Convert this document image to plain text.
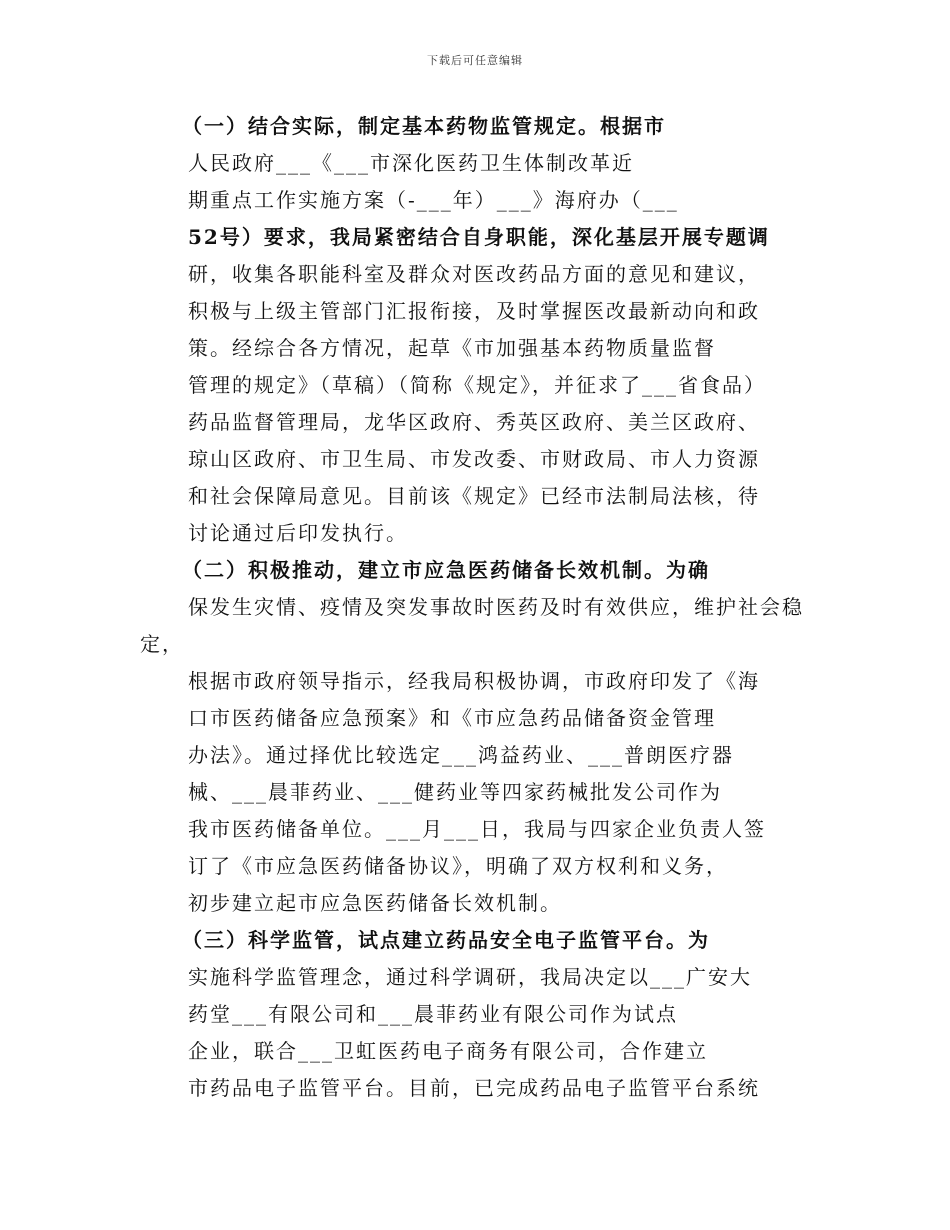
下载后可任意编辑
（一）结合实际，制定基本药物监管规定。根据市
人民政府___《___市深化医药卫生体制改革近
期重点工作实施方案（-___年）___》海府办（___
52号）要求，我局紧密结合自身职能，深化基层开展专题调
研，收集各职能科室及群众对医改药品方面的意见和建议，
积极与上级主管部门汇报衔接，及时掌握医改最新动向和政
策。经综合各方情况，起草《市加强基本药物质量监督
管理的规定》（草稿）（简称《规定》，并征求了___省食品）
药品监督管理局，龙华区政府、秀英区政府、美兰区政府、
琼山区政府、市卫生局、市发改委、市财政局、市人力资源
和社会保障局意见。目前该《规定》已经市法制局法核，待
讨论通过后印发执行。
（二）积极推动，建立市应急医药储备长效机制。为确
保发生灾情、疫情及突发事故时医药及时有效供应，维护社会稳
定，
根据市政府领导指示，经我局积极协调，市政府印发了《海
口市医药储备应急预案》和《市应急药品储备资金管理
办法》。通过择优比较选定___鸿益药业、___普朗医疗器
械、___晨菲药业、___健药业等四家药械批发公司作为
我市医药储备单位。___月___日，我局与四家企业负责人签
订了《市应急医药储备协议》，明确了双方权利和义务，
初步建立起市应急医药储备长效机制。
（三）科学监管，试点建立药品安全电子监管平台。为
实施科学监管理念，通过科学调研，我局决定以___广安大
药堂___有限公司和___晨菲药业有限公司作为试点
企业，联合___卫虹医药电子商务有限公司，合作建立
市药品电子监管平台。目前，已完成药品电子监管平台系统
